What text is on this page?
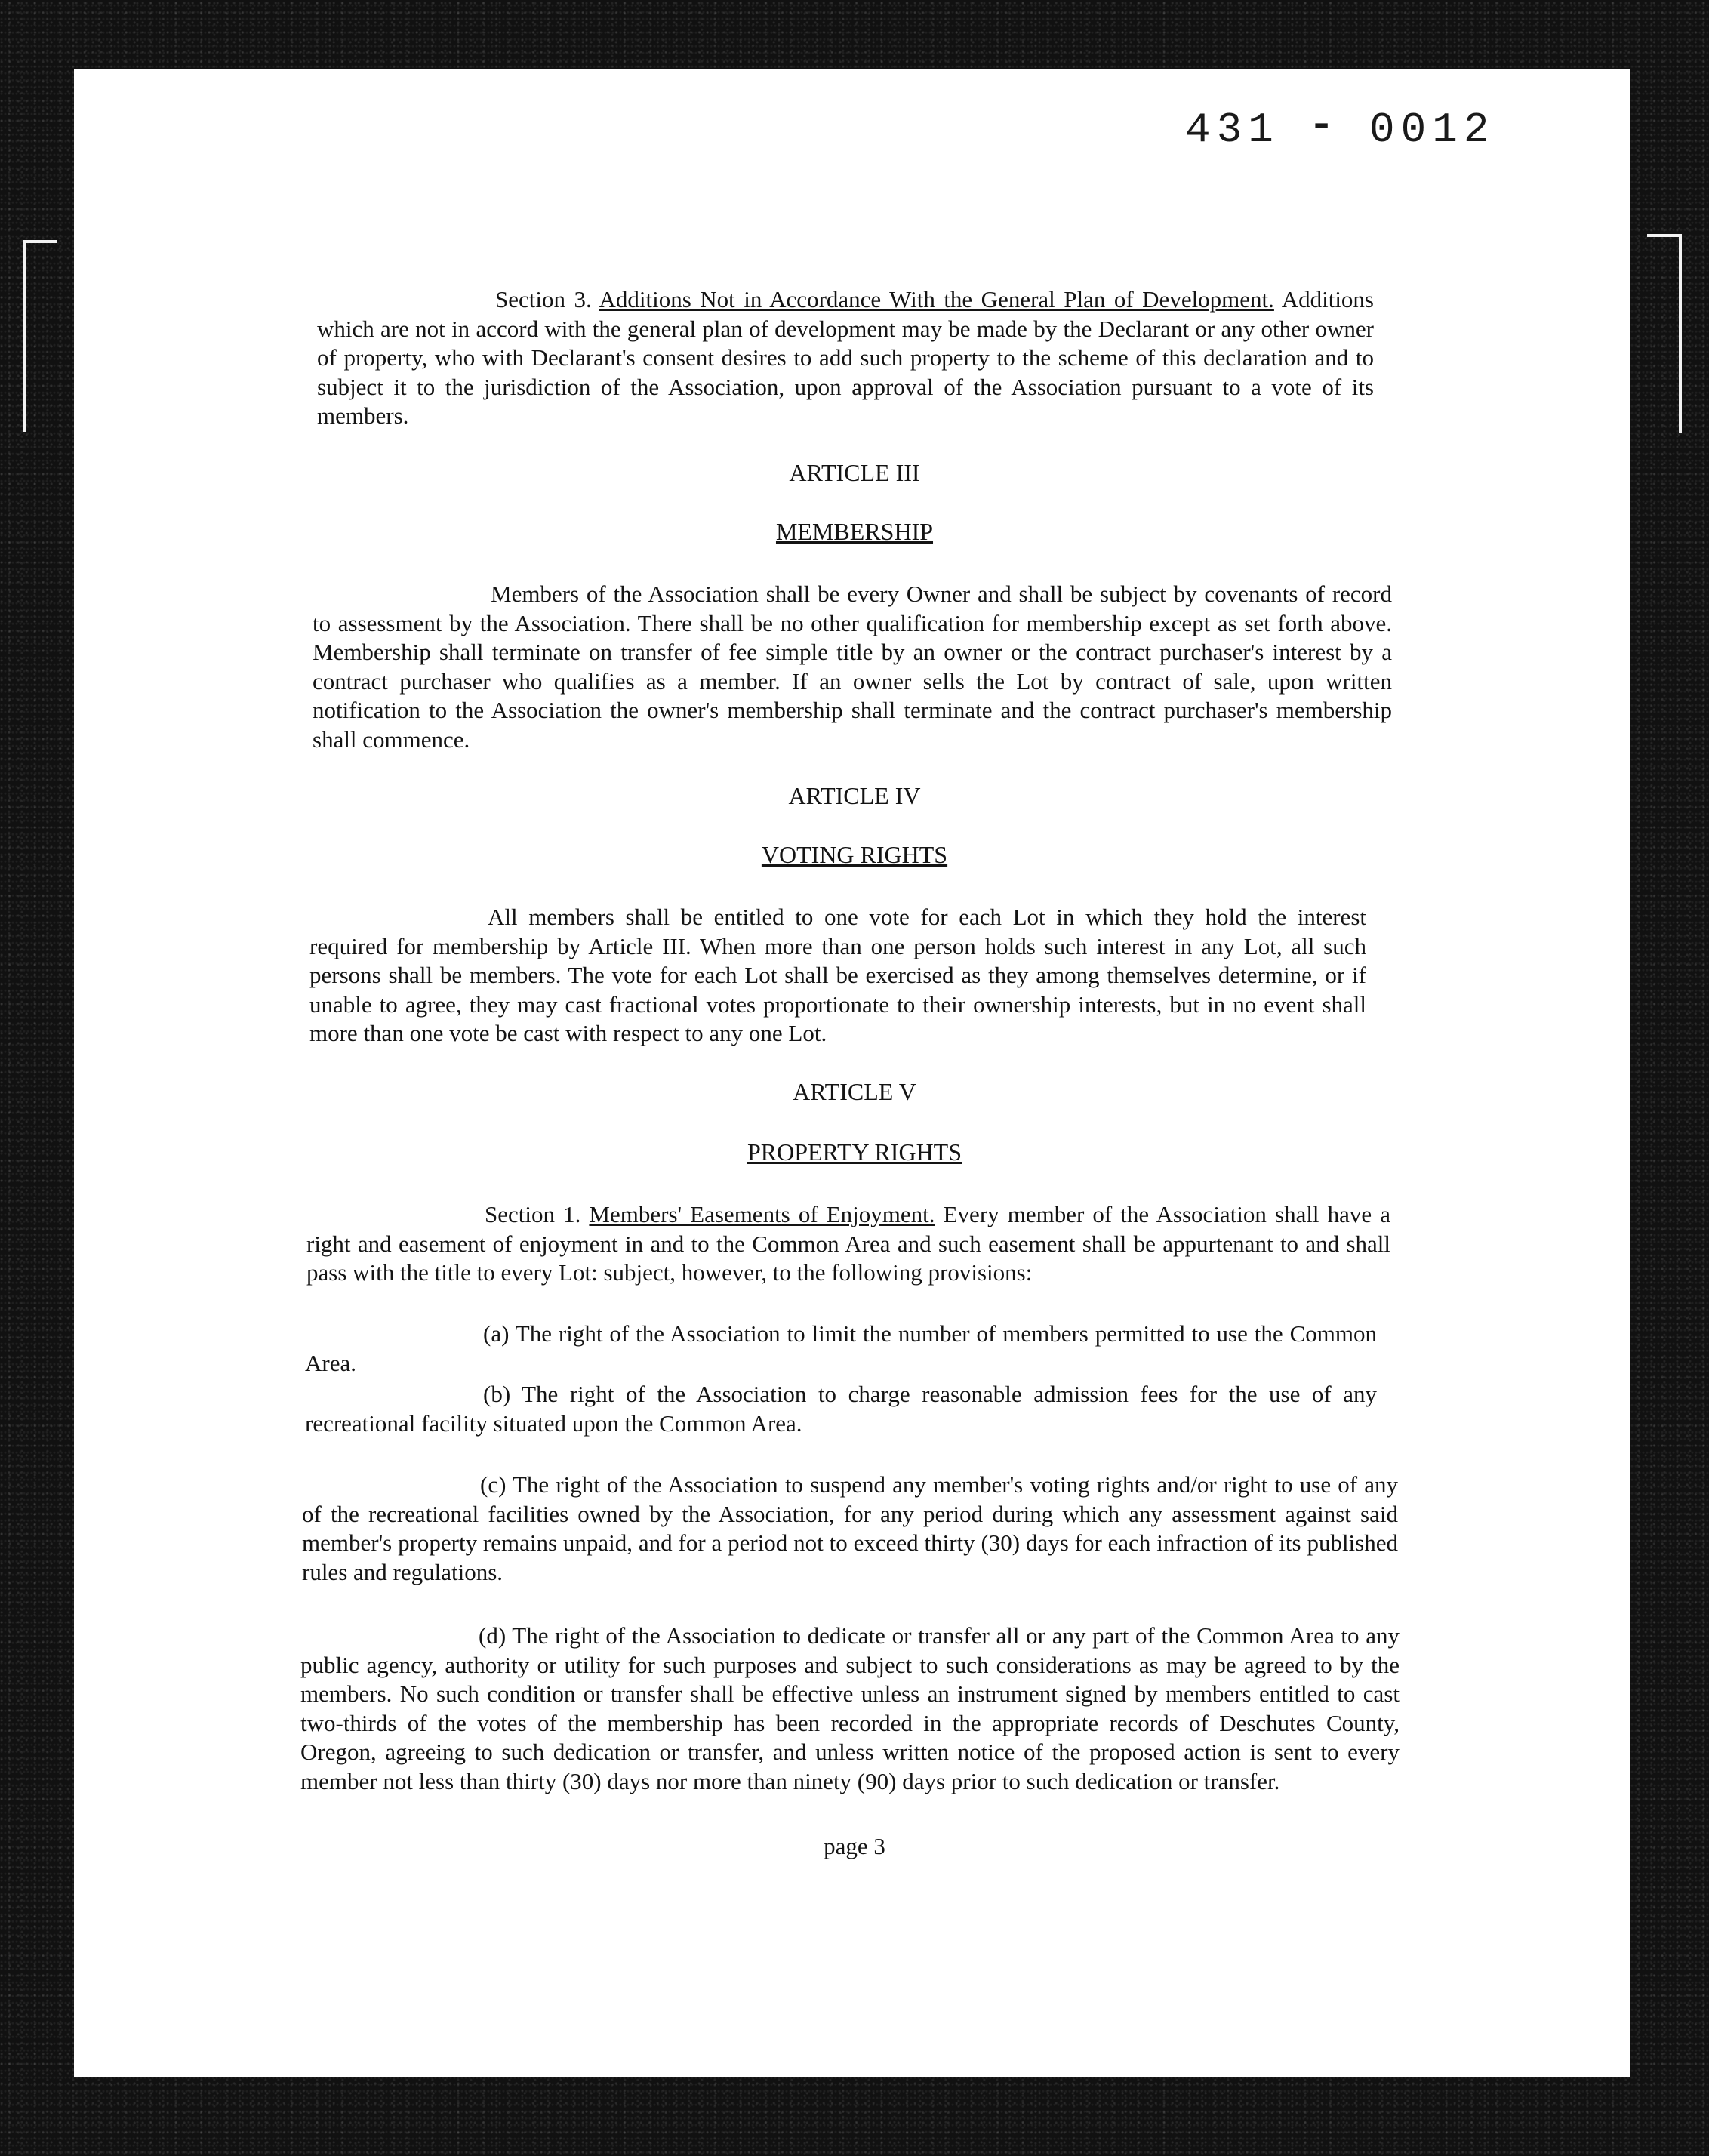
431 ⁃ 0012
Section 3. Additions Not in Accordance With the General Plan of Development. Additions which are not in accord with the general plan of development may be made by the Declarant or any other owner of property, who with Declarant's consent desires to add such property to the scheme of this declaration and to subject it to the jurisdiction of the Association, upon approval of the Association pursuant to a vote of its members.
ARTICLE III
MEMBERSHIP
Members of the Association shall be every Owner and shall be subject by covenants of record to assessment by the Association. There shall be no other qualification for membership except as set forth above. Membership shall terminate on transfer of fee simple title by an owner or the contract purchaser's interest by a contract purchaser who qualifies as a member. If an owner sells the Lot by contract of sale, upon written notification to the Association the owner's membership shall terminate and the contract purchaser's membership shall commence.
ARTICLE IV
VOTING RIGHTS
All members shall be entitled to one vote for each Lot in which they hold the interest required for membership by Article III. When more than one person holds such interest in any Lot, all such persons shall be members. The vote for each Lot shall be exercised as they among themselves determine, or if unable to agree, they may cast fractional votes proportionate to their ownership interests, but in no event shall more than one vote be cast with respect to any one Lot.
ARTICLE V
PROPERTY RIGHTS
Section 1. Members' Easements of Enjoyment. Every member of the Association shall have a right and easement of enjoyment in and to the Common Area and such easement shall be appurtenant to and shall pass with the title to every Lot: subject, however, to the following provisions:
(a) The right of the Association to limit the number of members permitted to use the Common Area.
(b) The right of the Association to charge reasonable admission fees for the use of any recreational facility situated upon the Common Area.
(c) The right of the Association to suspend any member's voting rights and/or right to use of any of the recreational facilities owned by the Association, for any period during which any assessment against said member's property remains unpaid, and for a period not to exceed thirty (30) days for each infraction of its published rules and regulations.
(d) The right of the Association to dedicate or transfer all or any part of the Common Area to any public agency, authority or utility for such purposes and subject to such considerations as may be agreed to by the members. No such condition or transfer shall be effective unless an instrument signed by members entitled to cast two-thirds of the votes of the membership has been recorded in the appropriate records of Deschutes County, Oregon, agreeing to such dedication or transfer, and unless written notice of the proposed action is sent to every member not less than thirty (30) days nor more than ninety (90) days prior to such dedication or transfer.
page 3
